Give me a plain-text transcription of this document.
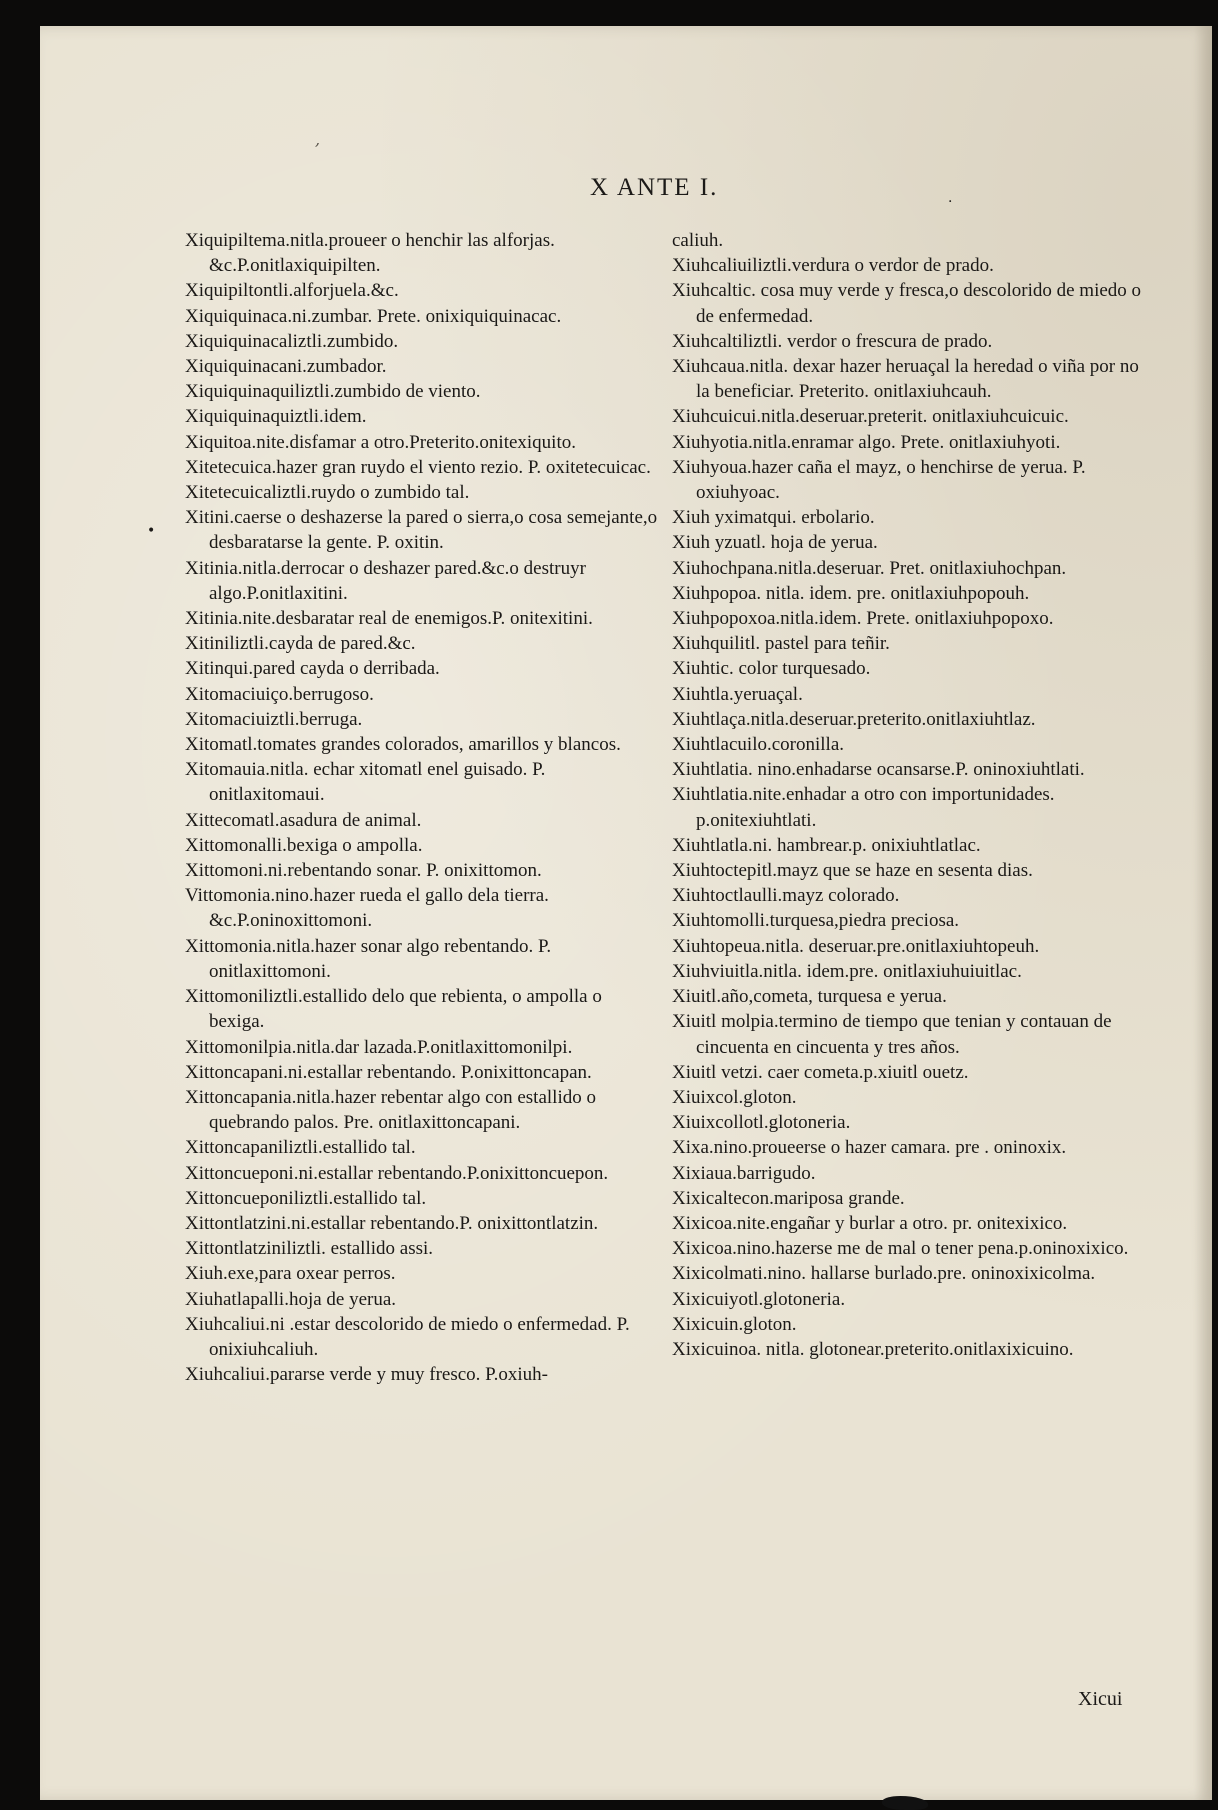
,
X ANTE I.
·
•
Xiquipiltema.nitla.proueer o henchir las alforjas. &c.P.onitlaxiquipilten.
Xiquipiltontli.alforjuela.&c.
Xiquiquinaca.ni.zumbar. Prete. onixiquiquinacac.
Xiquiquinacaliztli.zumbido.
Xiquiquinacani.zumbador.
Xiquiquinaquiliztli.zumbido de viento.
Xiquiquinaquiztli.idem.
Xiquitoa.nite.disfamar a otro.Preterito.onitexiquito.
Xitetecuica.hazer gran ruydo el viento rezio. P. oxitetecuicac.
Xitetecuicaliztli.ruydo o zumbido tal.
Xitini.caerse o deshazerse la pared o sierra,o cosa semejante,o desbaratarse la gente. P. oxitin.
Xitinia.nitla.derrocar o deshazer pared.&c.o destruyr algo.P.onitlaxitini.
Xitinia.nite.desbaratar real de enemigos.P. onitexitini.
Xitiniliztli.cayda de pared.&c.
Xitinqui.pared cayda o derribada.
Xitomaciuiço.berrugoso.
Xitomaciuiztli.berruga.
Xitomatl.tomates grandes colorados, amarillos y blancos.
Xitomauia.nitla. echar xitomatl enel guisado. P. onitlaxitomaui.
Xittecomatl.asadura de animal.
Xittomonalli.bexiga o ampolla.
Xittomoni.ni.rebentando sonar. P. onixittomon.
Vittomonia.nino.hazer rueda el gallo dela tierra. &c.P.oninoxittomoni.
Xittomonia.nitla.hazer sonar algo rebentando. P. onitlaxittomoni.
Xittomoniliztli.estallido delo que rebienta, o ampolla o bexiga.
Xittomonilpia.nitla.dar lazada.P.onitlaxittomonilpi.
Xittoncapani.ni.estallar rebentando. P.onixittoncapan.
Xittoncapania.nitla.hazer rebentar algo con estallido o quebrando palos. Pre. onitlaxittoncapani.
Xittoncapaniliztli.estallido tal.
Xittoncueponi.ni.estallar rebentando.P.onixittoncuepon.
Xittoncueponiliztli.estallido tal.
Xittontlatzini.ni.estallar rebentando.P. onixittontlatzin.
Xittontlatziniliztli. estallido assi.
Xiuh.exe,para oxear perros.
Xiuhatlapalli.hoja de yerua.
Xiuhcaliui.ni .estar descolorido de miedo o enfermedad. P. onixiuhcaliuh.
Xiuhcaliui.pararse verde y muy fresco. P.oxiuh-
caliuh.
Xiuhcaliuiliztli.verdura o verdor de prado.
Xiuhcaltic. cosa muy verde y fresca,o descolorido de miedo o de enfermedad.
Xiuhcaltiliztli. verdor o frescura de prado.
Xiuhcaua.nitla. dexar hazer heruaçal la heredad o viña por no la beneficiar. Preterito. onitlaxiuhcauh.
Xiuhcuicui.nitla.deseruar.preterit. onitlaxiuhcuicuic.
Xiuhyotia.nitla.enramar algo. Prete. onitlaxiuhyoti.
Xiuhyoua.hazer caña el mayz, o henchirse de yerua. P. oxiuhyoac.
Xiuh yximatqui. erbolario.
Xiuh yzuatl. hoja de yerua.
Xiuhochpana.nitla.deseruar. Pret. onitlaxiuhochpan.
Xiuhpopoa. nitla. idem. pre. onitlaxiuhpopouh.
Xiuhpopoxoa.nitla.idem. Prete. onitlaxiuhpopoxo.
Xiuhquilitl. pastel para teñir.
Xiuhtic. color turquesado.
Xiuhtla.yeruaçal.
Xiuhtlaça.nitla.deseruar.preterito.onitlaxiuhtlaz.
Xiuhtlacuilo.coronilla.
Xiuhtlatia. nino.enhadarse ocansarse.P. oninoxiuhtlati.
Xiuhtlatia.nite.enhadar a otro con importunidades. p.onitexiuhtlati.
Xiuhtlatla.ni. hambrear.p. onixiuhtlatlac.
Xiuhtoctepitl.mayz que se haze en sesenta dias.
Xiuhtoctlaulli.mayz colorado.
Xiuhtomolli.turquesa,piedra preciosa.
Xiuhtopeua.nitla. deseruar.pre.onitlaxiuhtopeuh.
Xiuhviuitla.nitla. idem.pre. onitlaxiuhuiuitlac.
Xiuitl.año,cometa, turquesa e yerua.
Xiuitl molpia.termino de tiempo que tenian y contauan de cincuenta en cincuenta y tres años.
Xiuitl vetzi. caer cometa.p.xiuitl ouetz.
Xiuixcol.gloton.
Xiuixcollotl.glotoneria.
Xixa.nino.proueerse o hazer camara. pre . oninoxix.
Xixiaua.barrigudo.
Xixicaltecon.mariposa grande.
Xixicoa.nite.engañar y burlar a otro. pr. onitexixico.
Xixicoa.nino.hazerse me de mal o tener pena.p.oninoxixico.
Xixicolmati.nino. hallarse burlado.pre. oninoxixicolma.
Xixicuiyotl.glotoneria.
Xixicuin.gloton.
Xixicuinoa. nitla. glotonear.preterito.onitlaxixicuino.
Xicui
